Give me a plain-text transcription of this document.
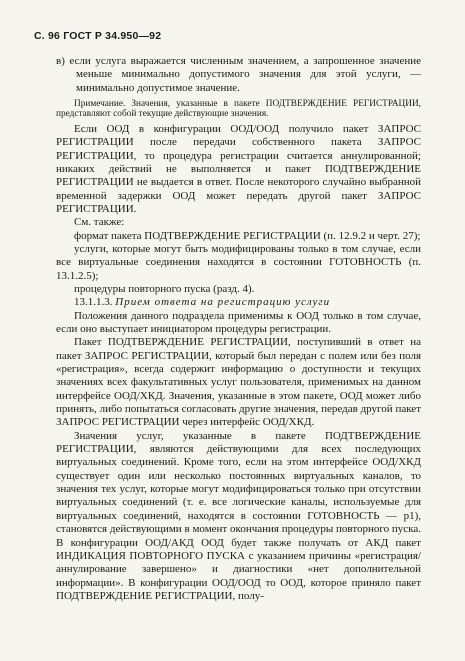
С. 96 ГОСТ Р 34.950—92

в) если услуга выражается численным значением, а запрошенное значение меньше минимально допустимого значения для этой услуги, — минимально допустимое значение.

Примечание. Значения, указанные в пакете ПОДТВЕРЖДЕНИЕ РЕГИСТРАЦИИ, представляют собой текущие действующие значения.

Если ООД в конфигурации ООД/ООД получило пакет ЗАПРОС РЕГИСТРАЦИИ после передачи собственного пакета ЗАПРОС РЕГИСТРАЦИИ, то процедура регистрации считается аннулированной; никаких действий не выполняется и пакет ПОДТВЕРЖДЕНИЕ РЕГИСТРАЦИИ не выдается в ответ. После некоторого случайно выбранной временной задержки ООД может передать другой пакет ЗАПРОС РЕГИСТРАЦИИ.

См. также:

формат пакета ПОДТВЕРЖДЕНИЕ РЕГИСТРАЦИИ (п. 12.9.2 и черт. 27);

услуги, которые могут быть модифицированы только в том случае, если все виртуальные соединения находятся в состоянии ГОТОВНОСТЬ (п. 13.1.2.5);

процедуры повторного пуска (разд. 4).

13.1.1.3. Прием ответа на регистрацию услуги

Положения данного подраздела применимы к ООД только в том случае, если оно выступает инициатором процедуры регистрации.

Пакет ПОДТВЕРЖДЕНИЕ РЕГИСТРАЦИИ, поступивший в ответ на пакет ЗАПРОС РЕГИСТРАЦИИ, который был передан с полем или без поля «регистрация», всегда содержит информацию о доступности и текущих значениях всех факультативных услуг пользователя, применимых на данном интерфейсе ООД/ХКД. Значения, указанные в этом пакете, ООД может либо принять, либо попытаться согласовать другие значения, передав другой пакет ЗАПРОС РЕГИСТРАЦИИ через интерфейс ООД/ХКД.

Значения услуг, указанные в пакете ПОДТВЕРЖДЕНИЕ РЕГИСТРАЦИИ, являются действующими для всех последующих виртуальных соединений. Кроме того, если на этом интерфейсе ООД/ХКД существует один или несколько постоянных виртуальных каналов, то значения тех услуг, которые могут модифицироваться только при отсутствии виртуальных соединений (т. е. все логические каналы, используемые для виртуальных соединений, находятся в состоянии ГОТОВНОСТЬ — p1), становятся действующими в момент окончания процедуры повторного пуска. В конфигурации ООД/АКД ООД будет также получать от АКД пакет ИНДИКАЦИЯ ПОВТОРНОГО ПУСКА с указанием причины «регистрация/аннулирование завершено» и диагностики «нет дополнительной информации». В конфигурации ООД/ООД то ООД, которое приняло пакет ПОДТВЕРЖДЕНИЕ РЕГИСТРАЦИИ, полу-
